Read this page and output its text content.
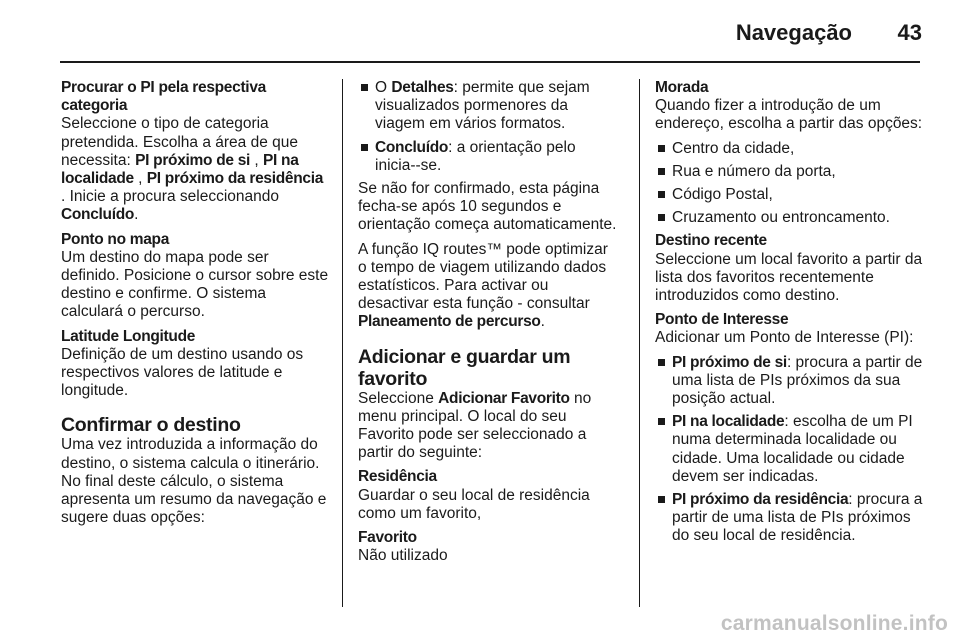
Navegação 43
Procurar o PI pela respectiva categoria
Seleccione o tipo de categoria pretendida. Escolha a área de que necessita: PI próximo de si , PI na localidade , PI próximo da residência . Inicie a procura seleccionando Concluído.
Ponto no mapa
Um destino do mapa pode ser definido. Posicione o cursor sobre este destino e confirme. O sistema calculará o percurso.
Latitude Longitude
Definição de um destino usando os respectivos valores de latitude e longitude.
Confirmar o destino
Uma vez introduzida a informação do destino, o sistema calcula o itinerário. No final deste cálculo, o sistema apresenta um resumo da navegação e sugere duas opções:
O Detalhes: permite que sejam visualizados pormenores da viagem em vários formatos.
Concluído: a orientação pelo inicia--se.
Se não for confirmado, esta página fecha-se após 10 segundos e orientação começa automaticamente.
A função IQ routes™ pode optimizar o tempo de viagem utilizando dados estatísticos. Para activar ou desactivar esta função - consultar Planeamento de percurso.
Adicionar e guardar um favorito
Seleccione Adicionar Favorito no menu principal. O local do seu Favorito pode ser seleccionado a partir do seguinte:
Residência
Guardar o seu local de residência como um favorito,
Favorito
Não utilizado
Morada
Quando fizer a introdução de um endereço, escolha a partir das opções:
Centro da cidade,
Rua e número da porta,
Código Postal,
Cruzamento ou entroncamento.
Destino recente
Seleccione um local favorito a partir da lista dos favoritos recentemente introduzidos como destino.
Ponto de Interesse
Adicionar um Ponto de Interesse (PI):
PI próximo de si: procura a partir de uma lista de PIs próximos da sua posição actual.
PI na localidade: escolha de um PI numa determinada localidade ou cidade. Uma localidade ou cidade devem ser indicadas.
PI próximo da residência: procura a partir de uma lista de PIs próximos do seu local de residência.
carmanualsonline.info
